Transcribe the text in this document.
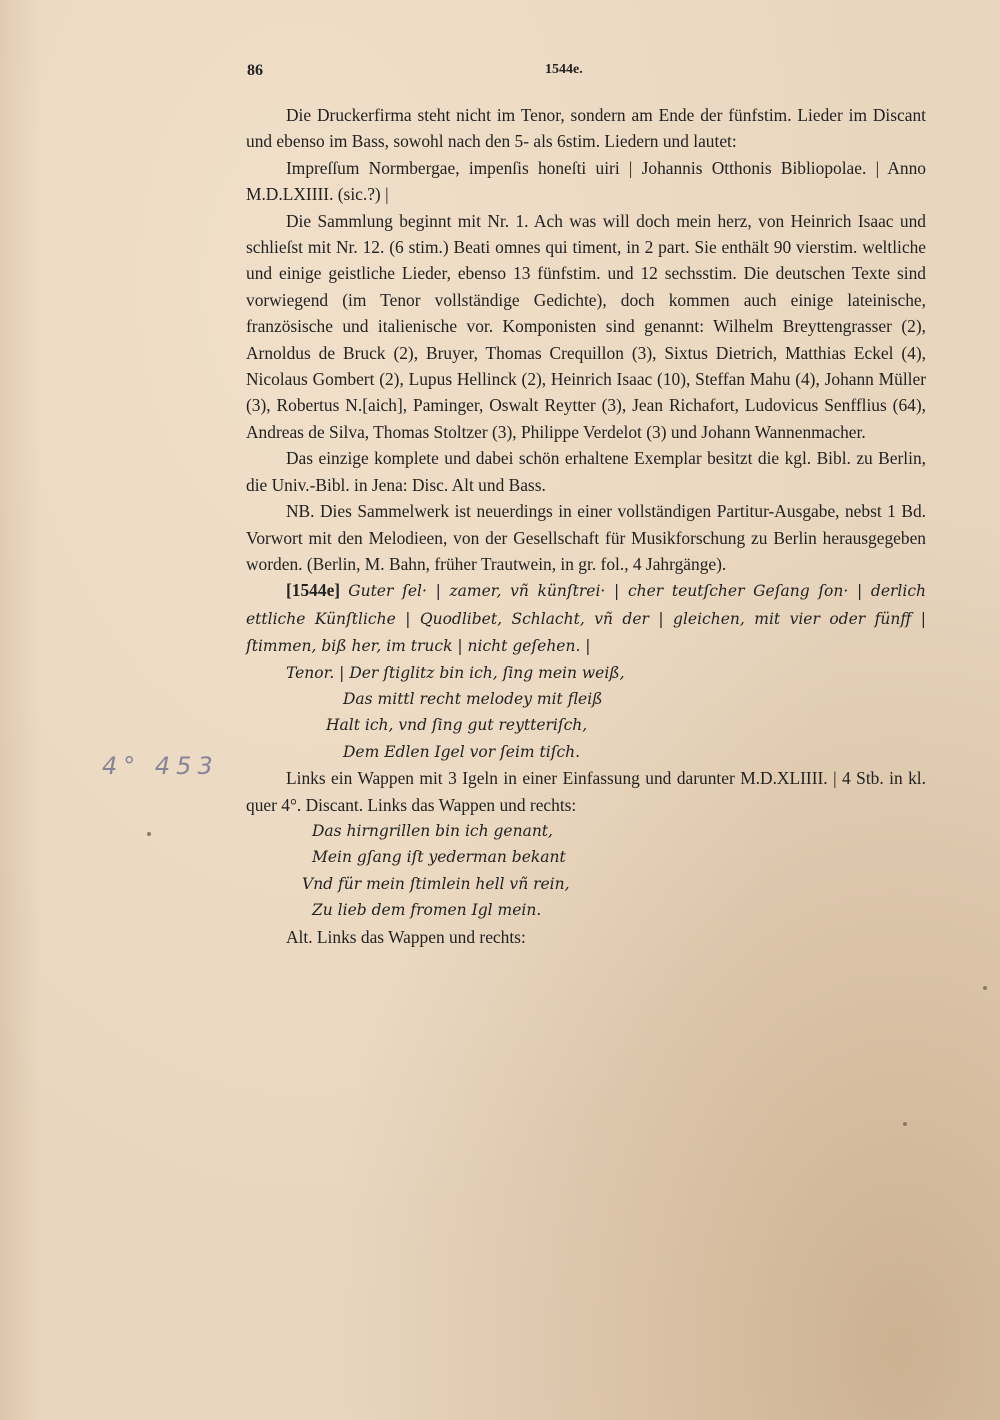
86	1544e.
4° 453

Die Druckerfirma steht nicht im Tenor, sondern am Ende der fünfstim. Lieder im Discant und ebenso im Bass, sowohl nach den 5- als 6stim. Liedern und lautet:

Impreſſum Normbergae, impenſis honeſti uiri | Johannis Otthonis Bibliopolae. | Anno M.D.LXIIII. (sic.?) |

Die Sammlung beginnt mit Nr. 1. Ach was will doch mein herz, von Heinrich Isaac und schlieſst mit Nr. 12. (6 stim.) Beati omnes qui timent, in 2 part. Sie enthält 90 vierstim. weltliche und einige geistliche Lieder, ebenso 13 fünfstim. und 12 sechsstim. Die deutschen Texte sind vorwiegend (im Tenor vollständige Gedichte), doch kommen auch einige lateinische, französische und italienische vor. Komponisten sind genannt: Wilhelm Breyttengrasser (2), Arnoldus de Bruck (2), Bruyer, Thomas Crequillon (3), Sixtus Dietrich, Matthias Eckel (4), Nicolaus Gombert (2), Lupus Hellinck (2), Heinrich Isaac (10), Steffan Mahu (4), Johann Müller (3), Robertus N.[aich], Paminger, Oswalt Reytter (3), Jean Richafort, Ludovicus Senfflius (64), Andreas de Silva, Thomas Stoltzer (3), Philippe Verdelot (3) und Johann Wannenmacher.

Das einzige komplete und dabei schön erhaltene Exemplar besitzt die kgl. Bibl. zu Berlin, die Univ.-Bibl. in Jena: Disc. Alt und Bass.

NB. Dies Sammelwerk ist neuerdings in einer vollständigen Partitur-Ausgabe, nebst 1 Bd. Vorwort mit den Melodieen, von der Gesellschaft für Musikforschung zu Berlin herausgegeben worden. (Berlin, M. Bahn, früher Trautwein, in gr. fol., 4 Jahrgänge).

[1544e] Guter ſel· | zamer, vñ künſtrei· | cher teutſcher Geſang ſon· | derlich ettliche Künſtliche | Quodlibet, Schlacht, vñ der | gleichen, mit vier oder fünff | ſtimmen, biß her, im truck | nicht geſehen. |

Tenor. | Der ſtiglitz bin ich, ſing mein weiß,

Das mittl recht melodey mit fleiß

Halt ich, vnd ſing gut reytteriſch,

Dem Edlen Igel vor ſeim tiſch.

Links ein Wappen mit 3 Igeln in einer Einfassung und darunter M.D.XLIIII. | 4 Stb. in kl. quer 4°. Discant. Links das Wappen und rechts:

Das hirngrillen bin ich genant,

Mein gſang iſt yederman bekant

Vnd für mein ſtimlein hell vñ rein,

Zu lieb dem fromen Igl mein.

Alt. Links das Wappen und rechts:
